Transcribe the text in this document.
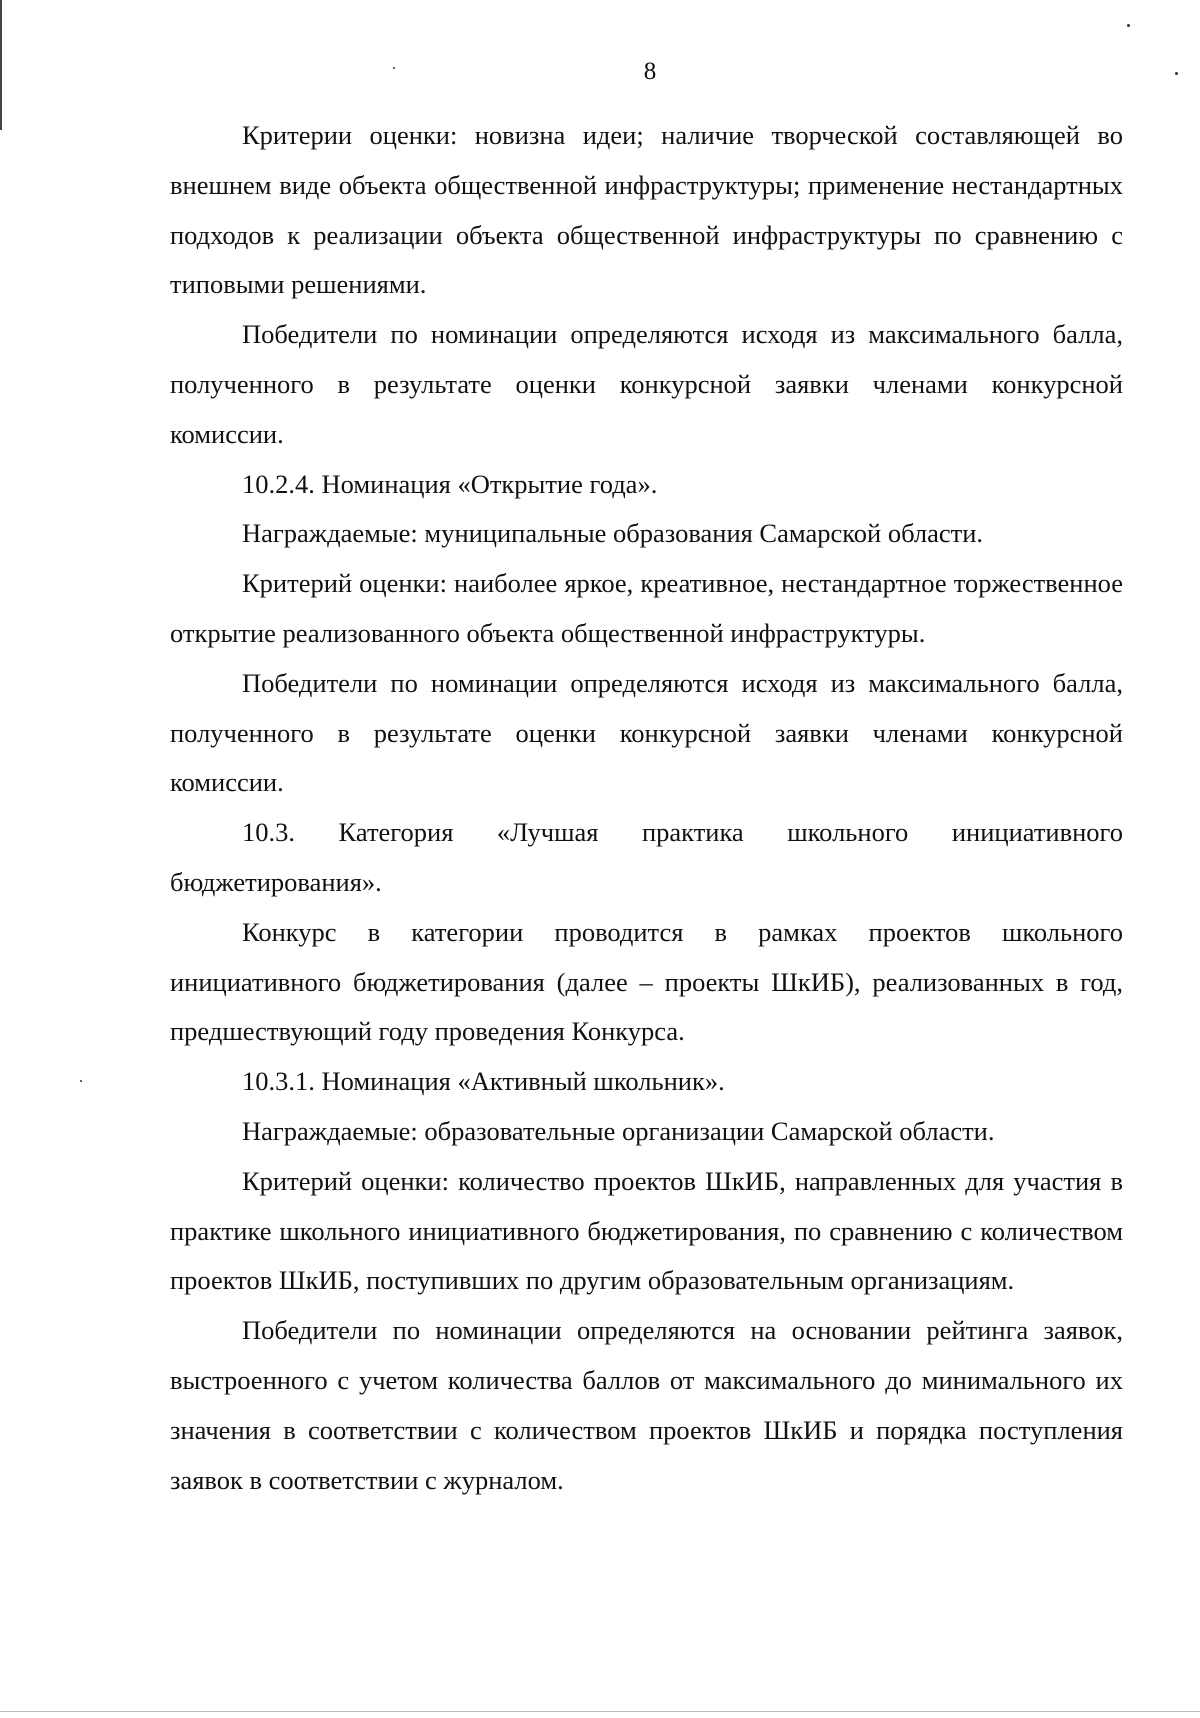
8

Критерии оценки: новизна идеи; наличие творческой составляющей во внешнем виде объекта общественной инфраструктуры; применение нестандартных подходов к реализации объекта общественной инфраструктуры по сравнению с типовыми решениями.

Победители по номинации определяются исходя из максимального балла, полученного в результате оценки конкурсной заявки членами конкурсной комиссии.

10.2.4. Номинация «Открытие года».

Награждаемые: муниципальные образования Самарской области.

Критерий оценки: наиболее яркое, креативное, нестандартное торжественное открытие реализованного объекта общественной инфраструктуры.

Победители по номинации определяются исходя из максимального балла, полученного в результате оценки конкурсной заявки членами конкурсной комиссии.

10.3. Категория «Лучшая практика школьного инициативного бюджетирования».

Конкурс в категории проводится в рамках проектов школьного инициативного бюджетирования (далее – проекты ШкИБ), реализованных в год, предшествующий году проведения Конкурса.

10.3.1. Номинация «Активный школьник».

Награждаемые: образовательные организации Самарской области.

Критерий оценки: количество проектов ШкИБ, направленных для участия в практике школьного инициативного бюджетирования, по сравнению с количеством проектов ШкИБ, поступивших по другим образовательным организациям.

Победители по номинации определяются на основании рейтинга заявок, выстроенного с учетом количества баллов от максимального до минимального их значения в соответствии с количеством проектов ШкИБ и порядка поступления заявок в соответствии с журналом.
